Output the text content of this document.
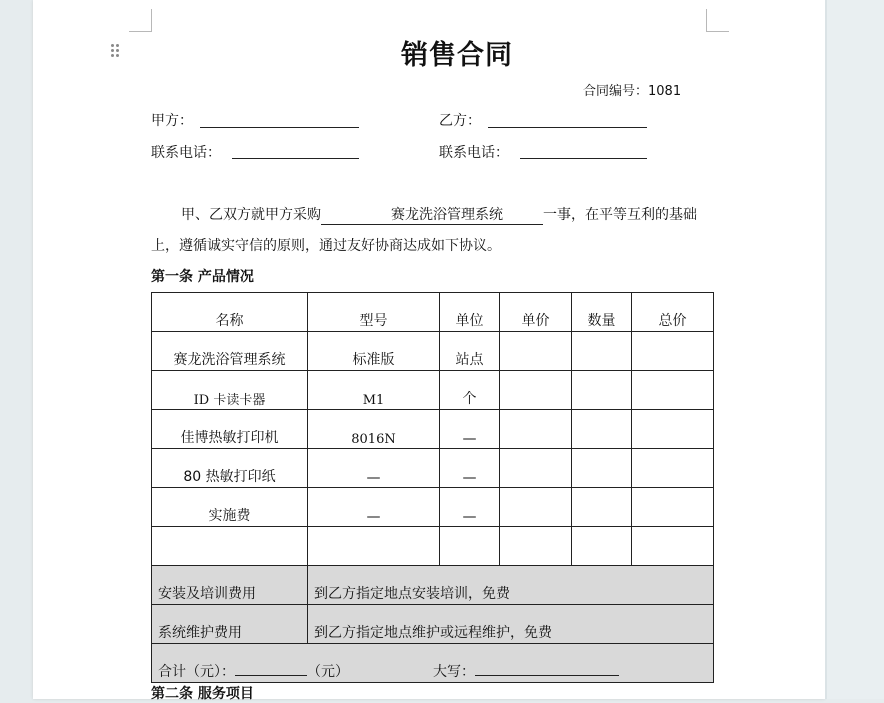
销售合同
合同编号：1081
甲方：	乙方：
联系电话：	联系电话：
甲、乙双方就甲方采购	赛龙洗浴管理系统	一事，在平等互利的基础
上，遵循诚实守信的原则，通过友好协商达成如下协议。
第一条 产品情况
名称	型号	单位	单价	数量	总价
赛龙洗浴管理系统	标准版	站点			
ID 卡读卡器	M1	个			
佳博热敏打印机	8016N	—			
80 热敏打印纸	—	—			
实施费	—	—			

安装及培训费用	到乙方指定地点安装培训，免费				
系统维护费用	到乙方指定地点维护或远程维护，免费				
合计（元）： （元） 大写：					
第二条 服务项目
